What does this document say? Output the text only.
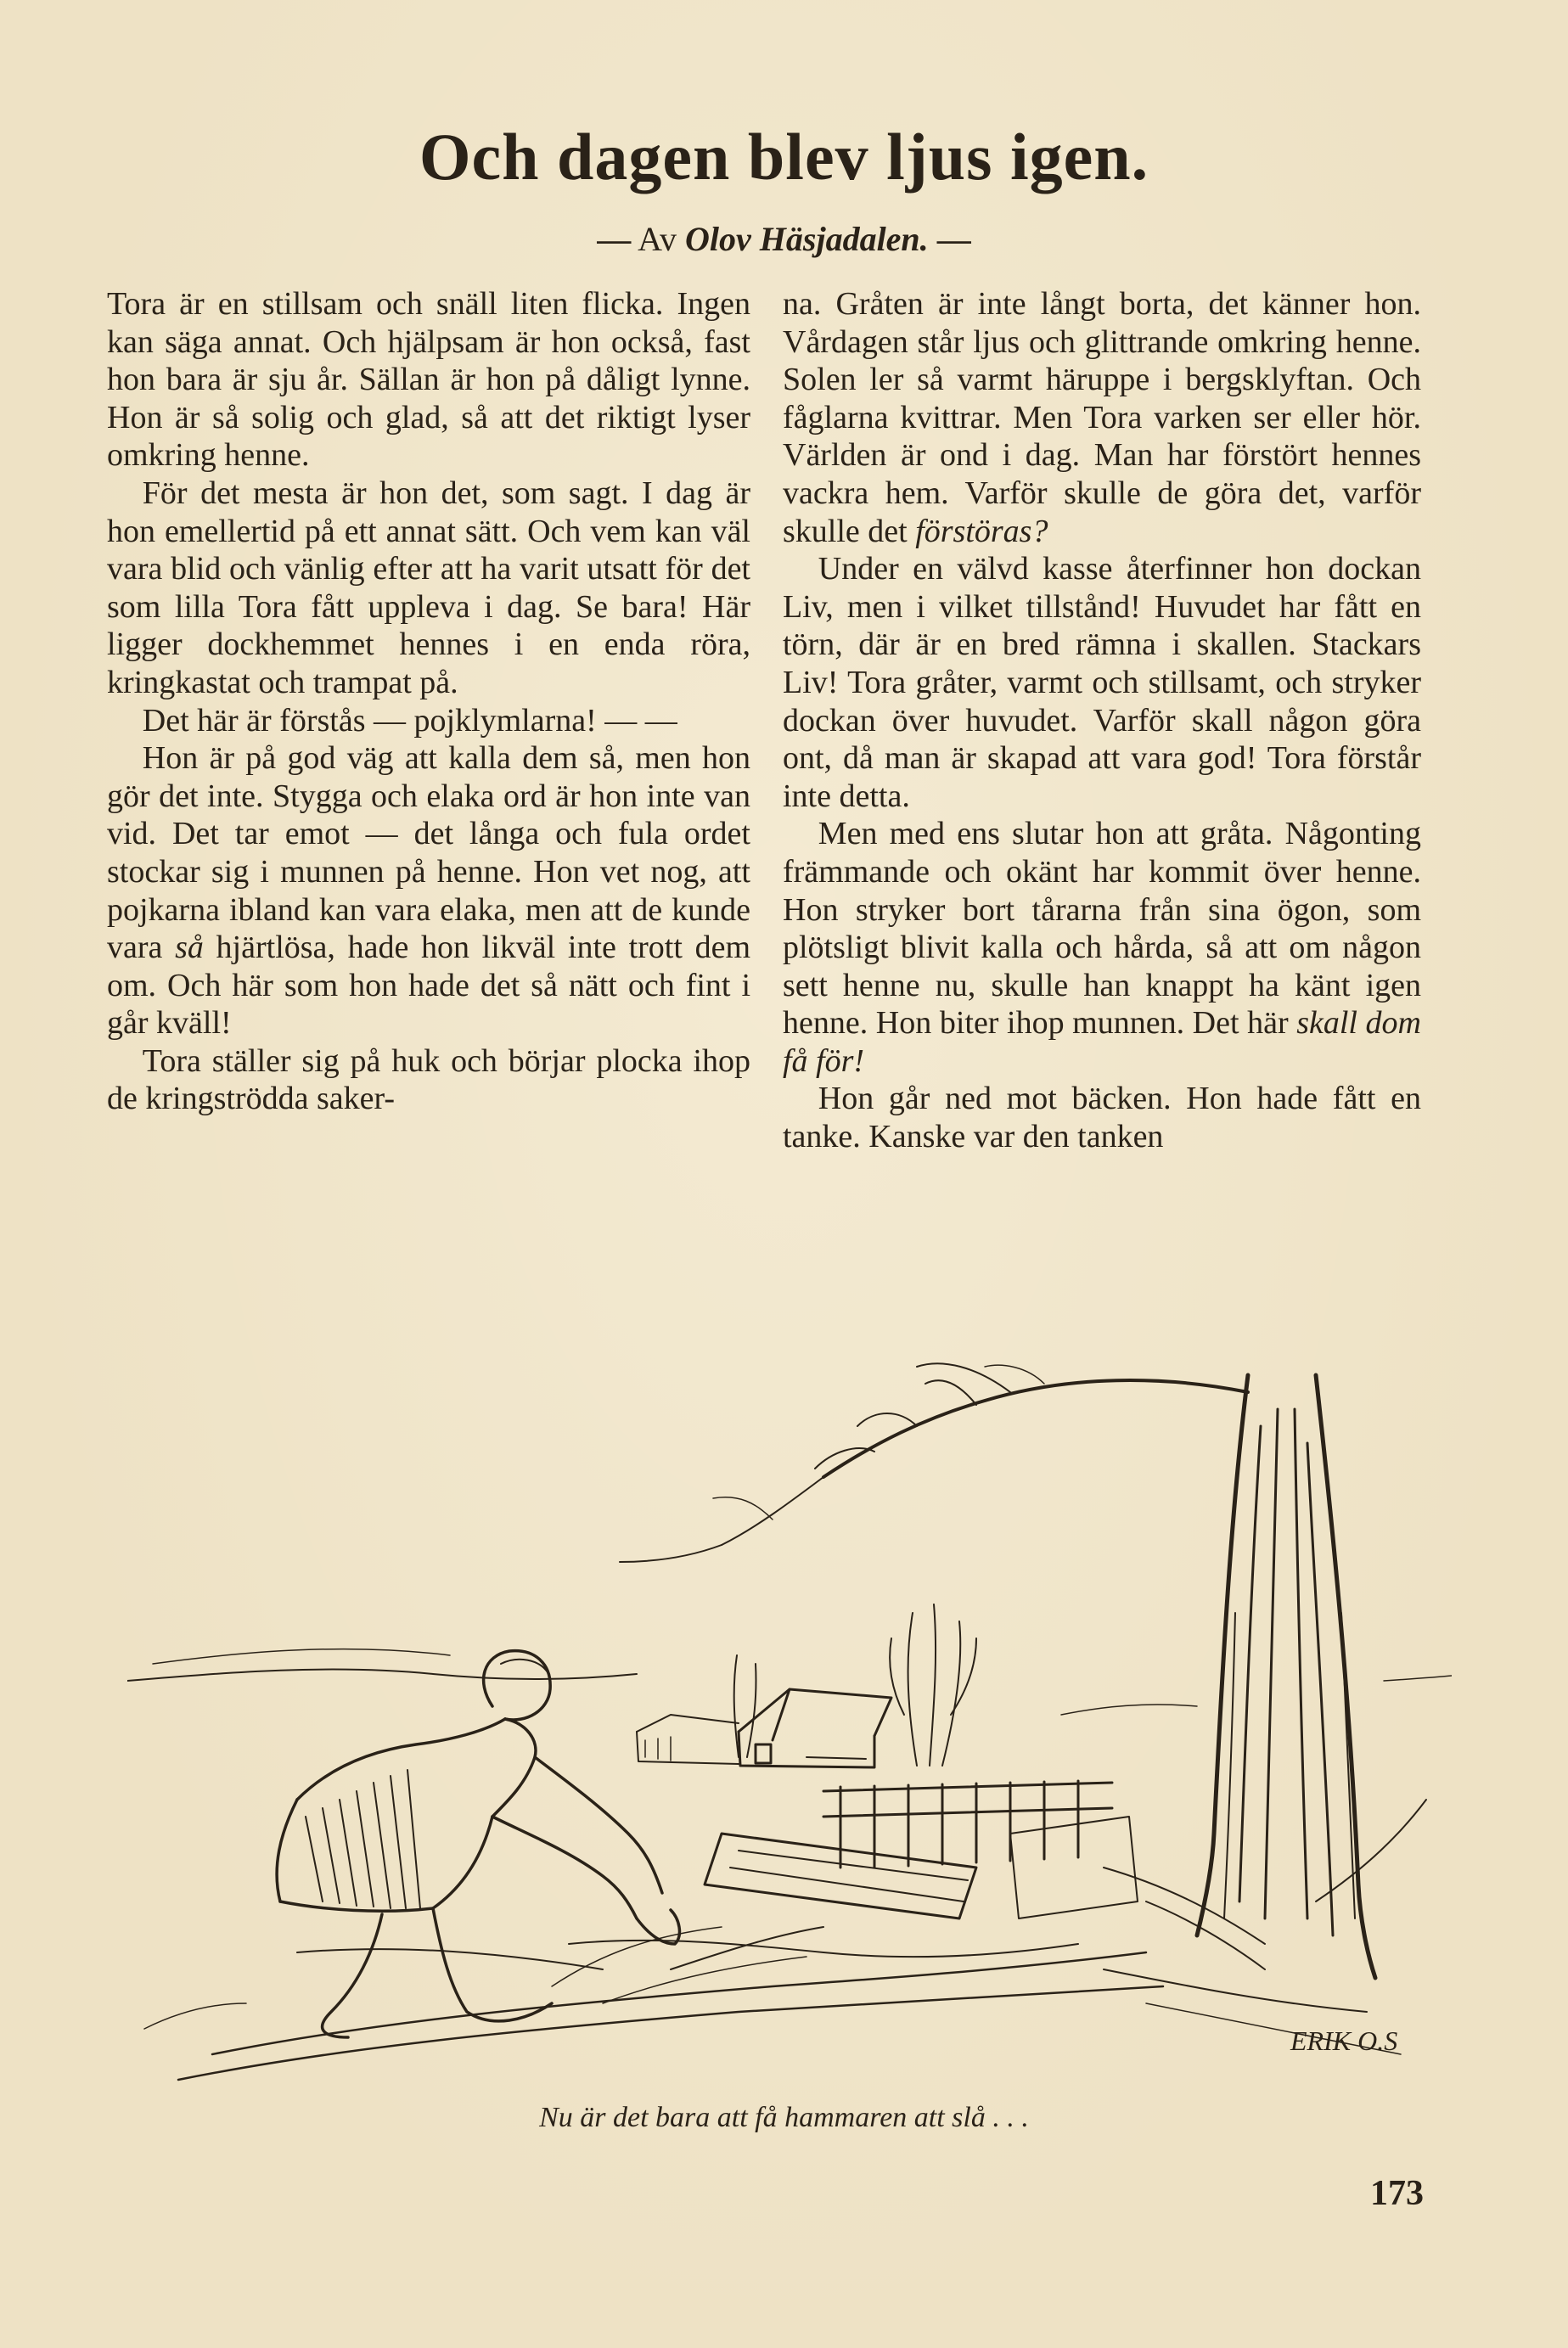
Och dagen blev ljus igen.
— Av Olov Häsjadalen. —

Tora är en stillsam och snäll liten flicka. Ingen kan säga annat. Och hjälpsam är hon också, fast hon bara är sju år. Sällan är hon på dåligt lynne. Hon är så solig och glad, så att det riktigt lyser omkring henne.

För det mesta är hon det, som sagt. I dag är hon emellertid på ett annat sätt. Och vem kan väl vara blid och vänlig efter att ha varit utsatt för det som lilla Tora fått uppleva i dag. Se bara! Här ligger dockhemmet hennes i en enda röra, kringkastat och trampat på.

Det här är förstås — pojklymlarna! — —

Hon är på god väg att kalla dem så, men hon gör det inte. Stygga och elaka ord är hon inte van vid. Det tar emot — det långa och fula ordet stockar sig i munnen på henne. Hon vet nog, att pojkarna ibland kan vara elaka, men att de kunde vara så hjärtlösa, hade hon likväl inte trott dem om. Och här som hon hade det så nätt och fint i går kväll!

Tora ställer sig på huk och börjar plocka ihop de kringströdda saker-

na. Gråten är inte långt borta, det känner hon. Vårdagen står ljus och glittrande omkring henne. Solen ler så varmt häruppe i bergsklyftan. Och fåglarna kvittrar. Men Tora varken ser eller hör. Världen är ond i dag. Man har förstört hennes vackra hem. Varför skulle de göra det, varför skulle det förstöras?

Under en välvd kasse återfinner hon dockan Liv, men i vilket tillstånd! Huvudet har fått en törn, där är en bred rämna i skallen. Stackars Liv! Tora gråter, varmt och stillsamt, och stryker dockan över huvudet. Varför skall någon göra ont, då man är skapad att vara god! Tora förstår inte detta.

Men med ens slutar hon att gråta. Någonting främmande och okänt har kommit över henne. Hon stryker bort tårarna från sina ögon, som plötsligt blivit kalla och hårda, så att om någon sett henne nu, skulle han knappt ha känt igen henne. Hon biter ihop munnen. Det här skall dom få för!

Hon går ned mot bäcken. Hon hade fått en tanke. Kanske var den tanken

ERIK O.S
Nu är det bara att få hammaren att slå . . .
173
